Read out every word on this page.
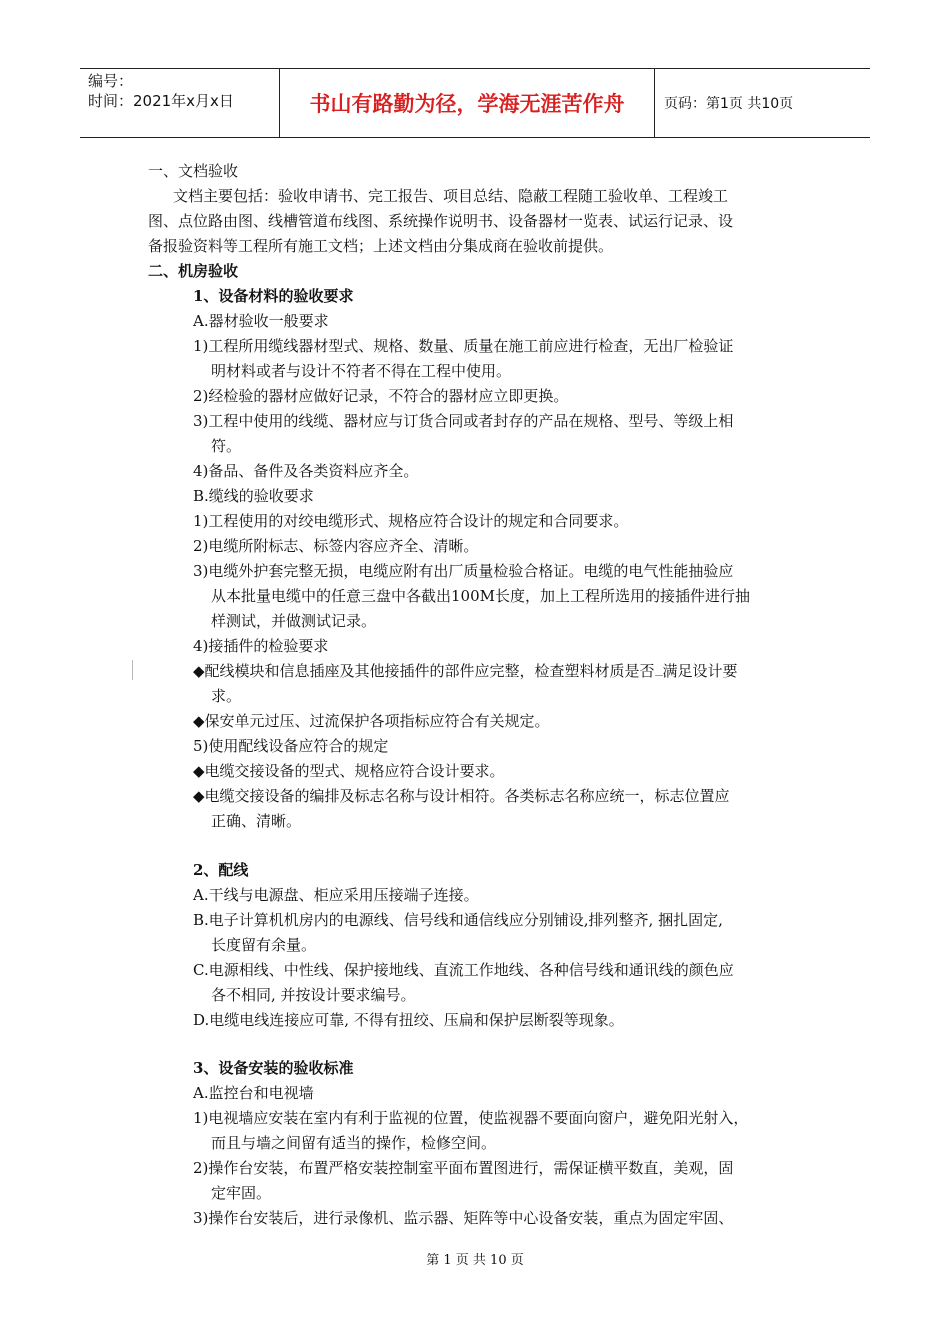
编号：
时间：2021年x月x日	书山有路勤为径，学海无涯苦作舟	页码：第1页 共10页
一、文档验收
文档主要包括：验收申请书、完工报告、项目总结、隐蔽工程随工验收单、工程竣工
图、点位路由图、线槽管道布线图、系统操作说明书、设备器材一览表、试运行记录、设
备报验资料等工程所有施工文档；上述文档由分集成商在验收前提供。
二、机房验收
1、设备材料的验收要求
A.器材验收一般要求
1)工程所用缆线器材型式、规格、数量、质量在施工前应进行检查，无出厂检验证
明材料或者与设计不符者不得在工程中使用。
2)经检验的器材应做好记录，不符合的器材应立即更换。
3)工程中使用的线缆、器材应与订货合同或者封存的产品在规格、型号、等级上相
符。
4)备品、备件及各类资料应齐全。
B.缆线的验收要求
1)工程使用的对绞电缆形式、规格应符合设计的规定和合同要求。
2)电缆所附标志、标签内容应齐全、清晰。
3)电缆外护套完整无损，电缆应附有出厂质量检验合格证。电缆的电气性能抽验应
从本批量电缆中的任意三盘中各截出100M长度，加上工程所选用的接插件进行抽
样测试，并做测试记录。
4)接插件的检验要求
◆配线模块和信息插座及其他接插件的部件应完整，检查塑料材质是否 满足设计要
求。
◆保安单元过压、过流保护各项指标应符合有关规定。
5)使用配线设备应符合的规定
◆电缆交接设备的型式、规格应符合设计要求。
◆电缆交接设备的编排及标志名称与设计相符。各类标志名称应统一，标志位置应
正确、清晰。
2、配线
A.干线与电源盘、柜应采用压接端子连接。
B.电子计算机机房内的电源线、信号线和通信线应分别铺设,排列整齐, 捆扎固定,
长度留有余量。
C.电源相线、中性线、保护接地线、直流工作地线、各种信号线和通讯线的颜色应
各不相同, 并按设计要求编号。
D.电缆电线连接应可靠, 不得有扭绞、压扁和保护层断裂等现象。
3、设备安装的验收标准
A.监控台和电视墙
1)电视墙应安装在室内有利于监视的位置，使监视器不要面向窗户，避免阳光射入，
而且与墙之间留有适当的操作，检修空间。
2)操作台安装，布置严格安装控制室平面布置图进行，需保证横平数直，美观，固
定牢固。
3)操作台安装后，进行录像机、监示器、矩阵等中心设备安装，重点为固定牢固、
第 1 页 共 10 页
